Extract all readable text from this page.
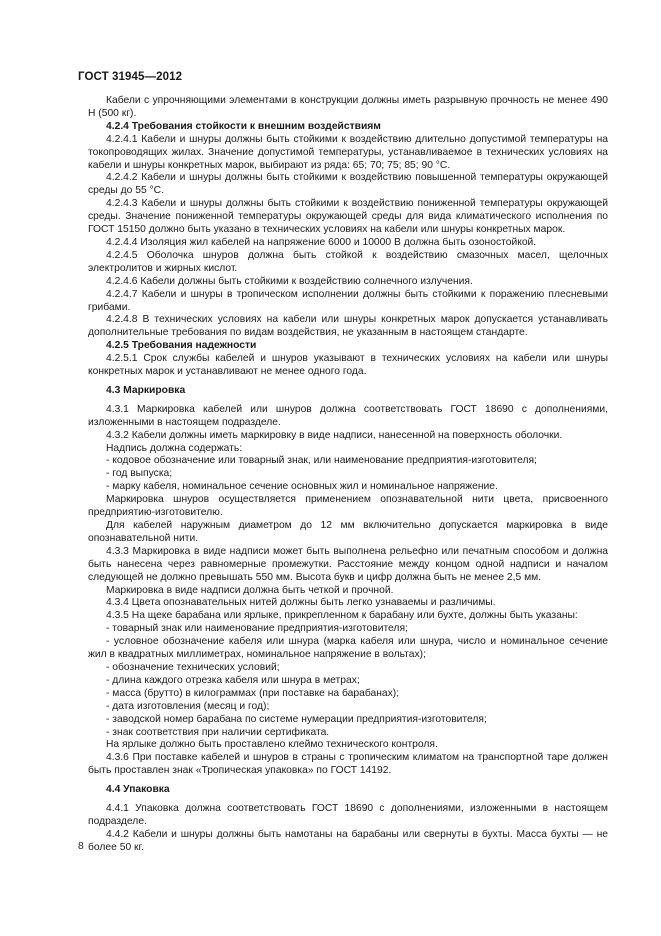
ГОСТ 31945—2012
Кабели с упрочняющими элементами в конструкции должны иметь разрывную прочность не менее 490 Н (500 кг).
4.2.4 Требования стойкости к внешним воздействиям
4.2.4.1 Кабели и шнуры должны быть стойкими к воздействию длительно допустимой температуры на токопроводящих жилах. Значение допустимой температуры, устанавливаемое в технических условиях на кабели и шнуры конкретных марок, выбирают из ряда: 65; 70; 75; 85; 90 °С.
4.2.4.2 Кабели и шнуры должны быть стойкими к воздействию повышенной температуры окружающей среды до 55 °С.
4.2.4.3 Кабели и шнуры должны быть стойкими к воздействию пониженной температуры окружающей среды. Значение пониженной температуры окружающей среды для вида климатического исполнения по ГОСТ 15150 должно быть указано в технических условиях на кабели или шнуры конкретных марок.
4.2.4.4 Изоляция жил кабелей на напряжение 6000 и 10000 В должна быть озоностойкой.
4.2.4.5 Оболочка шнуров должна быть стойкой к воздействию смазочных масел, щелочных электролитов и жирных кислот.
4.2.4.6 Кабели должны быть стойкими к воздействию солнечного излучения.
4.2.4.7 Кабели и шнуры в тропическом исполнении должны быть стойкими к поражению плесневыми грибами.
4.2.4.8 В технических условиях на кабели или шнуры конкретных марок допускается устанавливать дополнительные требования по видам воздействия, не указанным в настоящем стандарте.
4.2.5 Требования надежности
4.2.5.1 Срок службы кабелей и шнуров указывают в технических условиях на кабели или шнуры конкретных марок и устанавливают не менее одного года.
4.3 Маркировка
4.3.1 Маркировка кабелей или шнуров должна соответствовать ГОСТ 18690 с дополнениями, изложенными в настоящем подразделе.
4.3.2 Кабели должны иметь маркировку в виде надписи, нанесенной на поверхность оболочки.
Надпись должна содержать:
- кодовое обозначение или товарный знак, или наименование предприятия-изготовителя;
- год выпуска;
- марку кабеля, номинальное сечение основных жил и номинальное напряжение.
Маркировка шнуров осуществляется применением опознавательной нити цвета, присвоенного предприятию-изготовителю.
Для кабелей наружным диаметром до 12 мм включительно допускается маркировка в виде опознавательной нити.
4.3.3 Маркировка в виде надписи может быть выполнена рельефно или печатным способом и должна быть нанесена через равномерные промежутки. Расстояние между концом одной надписи и началом следующей не должно превышать 550 мм. Высота букв и цифр должна быть не менее 2,5 мм.
Маркировка в виде надписи должна быть четкой и прочной.
4.3.4 Цвета опознавательных нитей должны быть легко узнаваемы и различимы.
4.3.5 На щеке барабана или ярлыке, прикрепленном к барабану или бухте, должны быть указаны:
- товарный знак или наименование предприятия-изготовителя;
- условное обозначение кабеля или шнура (марка кабеля или шнура, число и номинальное сечение жил в квадратных миллиметрах, номинальное напряжение в вольтах);
- обозначение технических условий;
- длина каждого отрезка кабеля или шнура в метрах;
- масса (брутто) в килограммах (при поставке на барабанах);
- дата изготовления (месяц и год);
- заводской номер барабана по системе нумерации предприятия-изготовителя;
- знак соответствия при наличии сертификата.
На ярлыке должно быть проставлено клеймо технического контроля.
4.3.6 При поставке кабелей и шнуров в страны с тропическим климатом на транспортной таре должен быть проставлен знак «Тропическая упаковка» по ГОСТ 14192.
4.4 Упаковка
4.4.1 Упаковка должна соответствовать ГОСТ 18690 с дополнениями, изложенными в настоящем подразделе.
4.4.2 Кабели и шнуры должны быть намотаны на барабаны или свернуты в бухты. Масса бухты — не более 50 кг.
8
